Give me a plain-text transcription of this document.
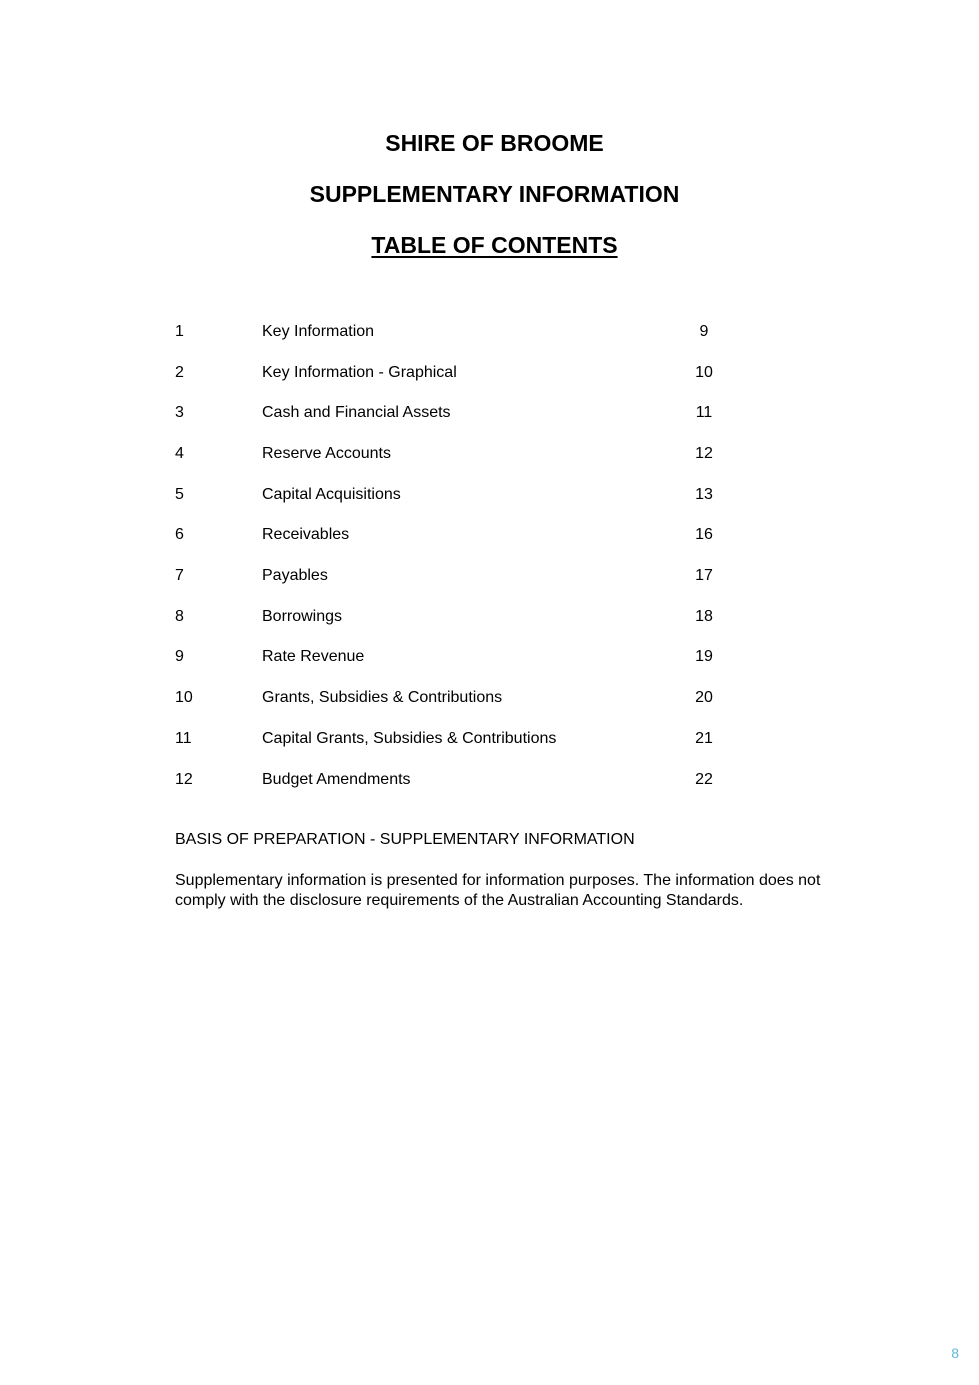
SHIRE OF BROOME
SUPPLEMENTARY INFORMATION
TABLE OF CONTENTS
1	Key Information	9
2	Key Information - Graphical	10
3	Cash and Financial Assets	11
4	Reserve Accounts	12
5	Capital Acquisitions	13
6	Receivables	16
7	Payables	17
8	Borrowings	18
9	Rate Revenue	19
10	Grants, Subsidies & Contributions	20
11	Capital Grants, Subsidies & Contributions	21
12	Budget Amendments	22
BASIS OF PREPARATION - SUPPLEMENTARY INFORMATION
Supplementary information is presented for information purposes. The information does not comply with the disclosure requirements of the Australian Accounting Standards.
8
